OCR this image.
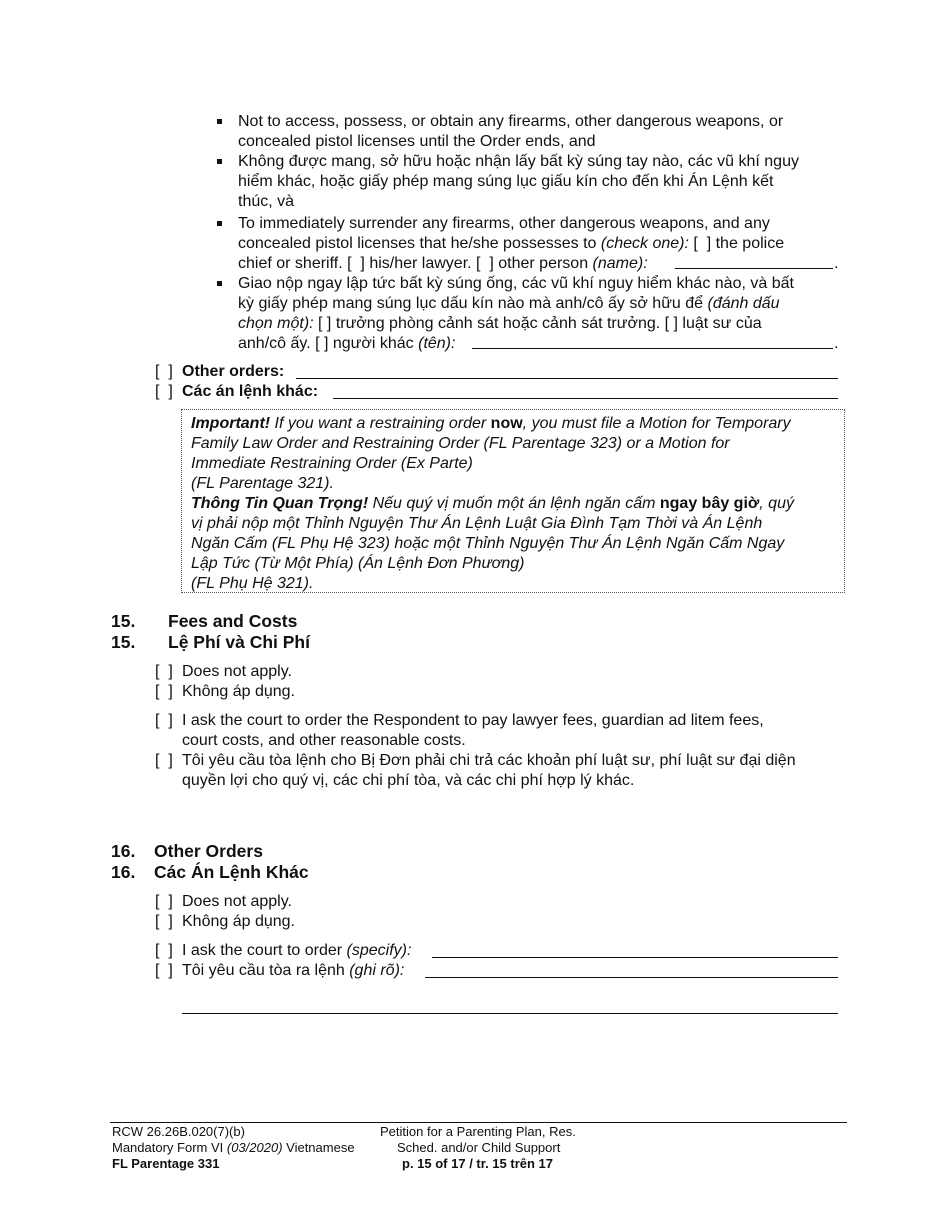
Not to access, possess, or obtain any firearms, other dangerous weapons, or
concealed pistol licenses until the Order ends, and
Không được mang, sở hữu hoặc nhận lấy bất kỳ súng tay nào, các vũ khí nguy
hiểm khác, hoặc giấy phép mang súng lục giấu kín cho đến khi Án Lệnh kết
thúc, và
To immediately surrender any firearms, other dangerous weapons, and any
concealed pistol licenses that he/she possesses to (check one): [  ] the police
chief or sheriff. [  ] his/her lawyer. [  ] other person (name):	.
Giao nộp ngay lập tức bất kỳ súng ống, các vũ khí nguy hiểm khác nào, và bất
kỳ giấy phép mang súng lục dấu kín nào mà anh/cô ấy sở hữu để (đánh dấu
chọn một): [ ] trưởng phòng cảnh sát hoặc cảnh sát trưởng. [ ] luật sư của
anh/cô ấy. [ ] người khác (tên):	.
[  ] Other orders:
[  ] Các án lệnh khác:
Important! If you want a restraining order now, you must file a Motion for Temporary
Family Law Order and Restraining Order (FL Parentage 323) or a Motion for
Immediate Restraining Order (Ex Parte)
(FL Parentage 321).
Thông Tin Quan Trọng! Nếu quý vị muốn một án lệnh ngăn cấm ngay bây giờ, quý
vị phải nộp một Thỉnh Nguyện Thư Án Lệnh Luật Gia Đình Tạm Thời và Án Lệnh
Ngăn Cấm (FL Phụ Hệ 323) hoặc một Thỉnh Nguyện Thư Án Lệnh Ngăn Cấm Ngay
Lập Tức (Từ Một Phía) (Án Lệnh Đơn Phương)
(FL Phụ Hệ 321).
15. Fees and Costs
15. Lệ Phí và Chi Phí
[  ] Does not apply.
[  ] Không áp dụng.
[  ] I ask the court to order the Respondent to pay lawyer fees, guardian ad litem fees,
court costs, and other reasonable costs.
[  ] Tôi yêu cầu tòa lệnh cho Bị Đơn phải chi trả các khoản phí luật sư, phí luật sư đại diện
quyền lợi cho quý vị, các chi phí tòa, và các chi phí hợp lý khác.
16. Other Orders
16. Các Án Lệnh Khác
[  ] Does not apply.
[  ] Không áp dụng.
[  ] I ask the court to order (specify):
[  ] Tôi yêu cầu tòa ra lệnh (ghi rõ):
RCW 26.26B.020(7)(b)
Mandatory Form VI (03/2020) Vietnamese
FL Parentage 331
Petition for a Parenting Plan, Res.
Sched. and/or Child Support
p. 15 of 17 / tr. 15 trên 17
